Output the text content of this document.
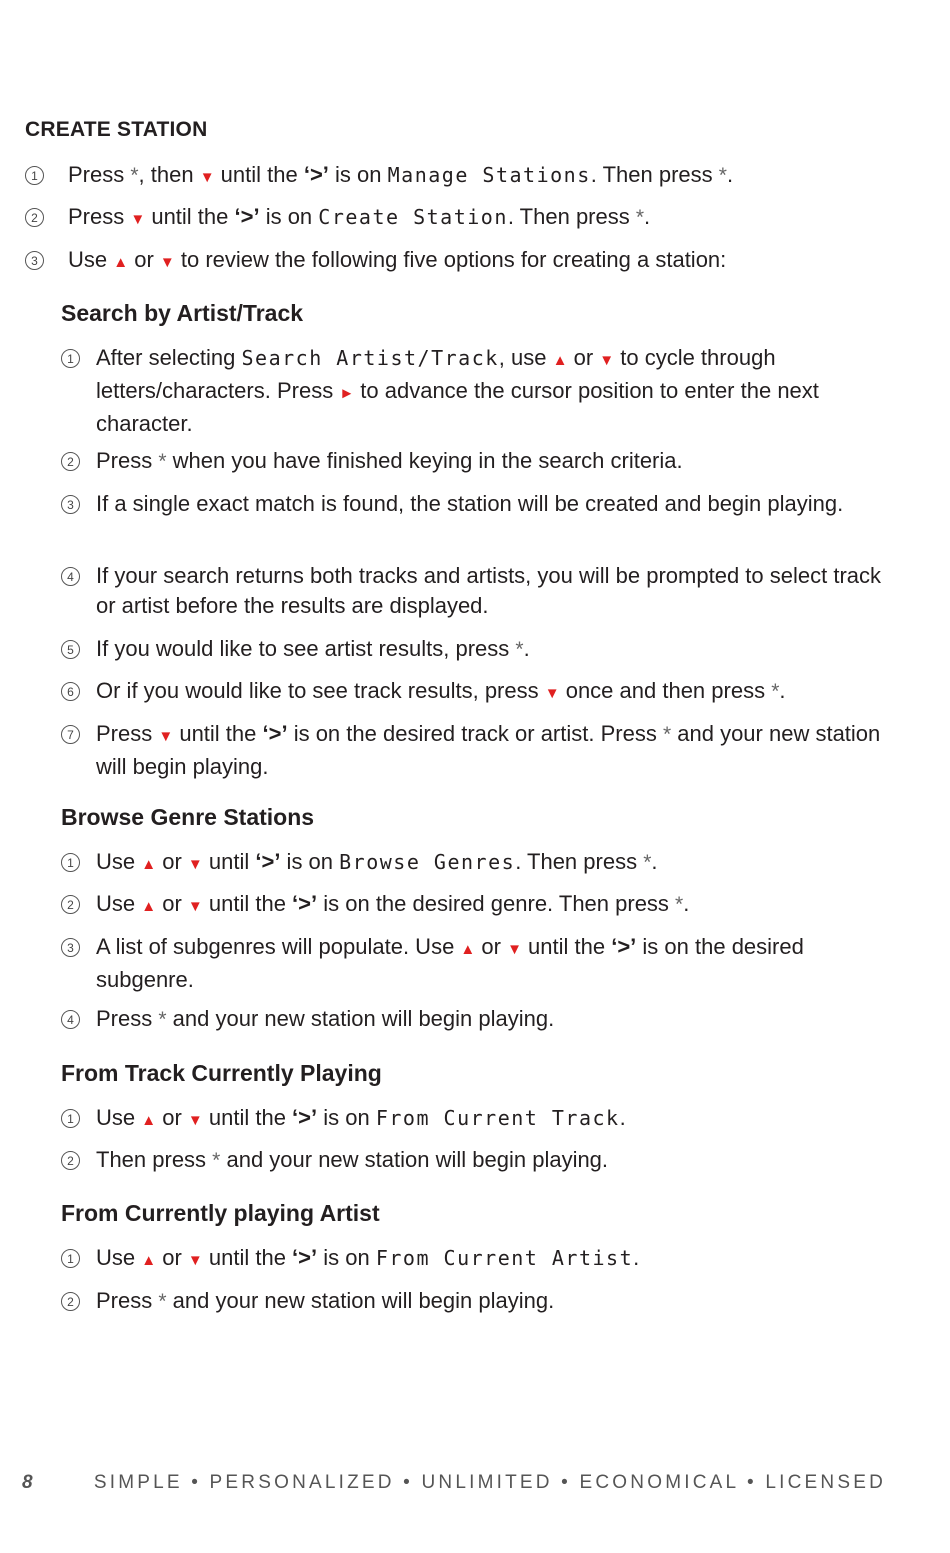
CREATE STATION
1 Press *, then ▼ until the ‘>’ is on Manage Stations. Then press *.
2 Press ▼ until the ‘>’ is on Create Station. Then press *.
3 Use ▲ or ▼ to review the following five options for creating a station:
Search by Artist/Track
1 After selecting Search Artist/Track, use ▲ or ▼ to cycle through letters/characters. Press ► to advance the cursor position to enter the next character.
2 Press * when you have finished keying in the search criteria.
3 If a single exact match is found, the station will be created and begin playing.
4 If your search returns both tracks and artists, you will be prompted to select track or artist before the results are displayed.
5 If you would like to see artist results, press *.
6 Or if you would like to see track results, press ▼ once and then press *.
7 Press ▼ until the ‘>’ is on the desired track or artist. Press * and your new station will begin playing.
Browse Genre Stations
1 Use ▲ or ▼ until ‘>’ is on Browse Genres. Then press *.
2 Use ▲ or ▼ until the ‘>’ is on the desired genre. Then press *.
3 A list of subgenres will populate. Use ▲ or ▼ until the ‘>’ is on the desired subgenre.
4 Press * and your new station will begin playing.
From Track Currently Playing
1 Use ▲ or ▼ until the ‘>’ is on From Current Track.
2 Then press * and your new station will begin playing.
From Currently playing Artist
1 Use ▲ or ▼ until the ‘>’ is on From Current Artist.
2 Press * and your new station will begin playing.
8	SIMPLE • PERSONALIZED • UNLIMITED • ECONOMICAL • LICENSED
